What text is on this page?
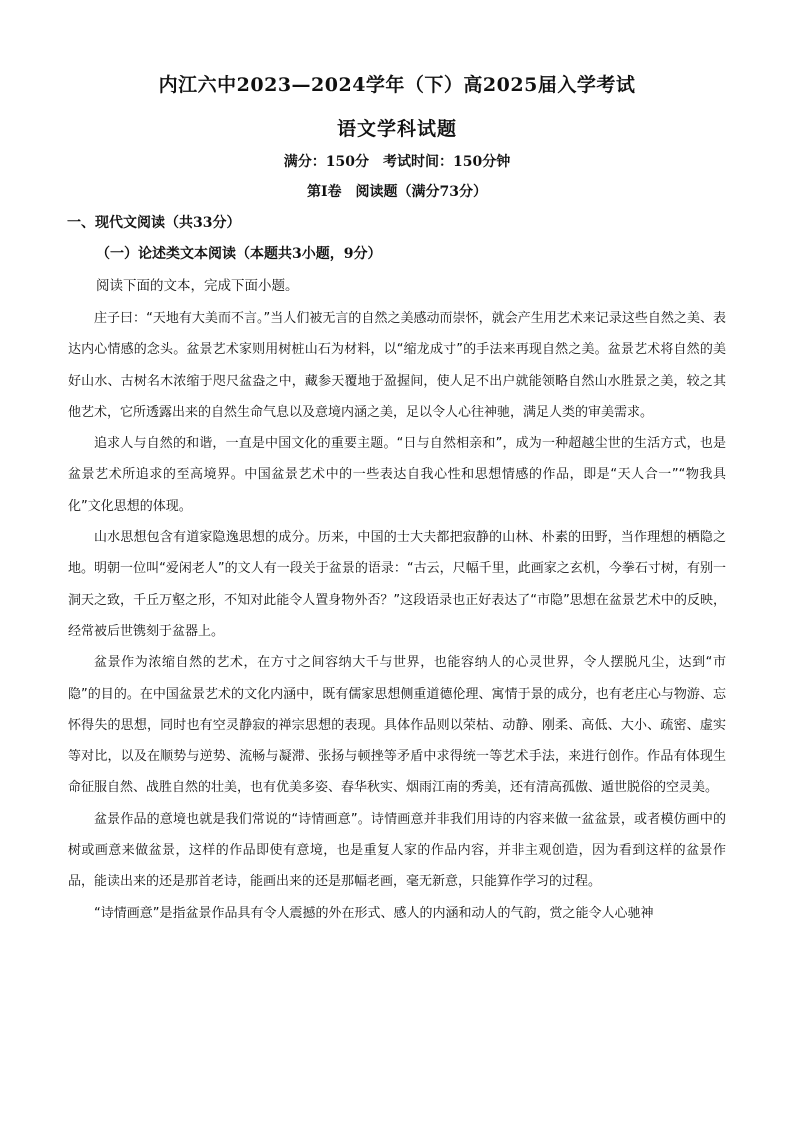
内江六中2023—2024学年（下）高2025届入学考试
语文学科试题
满分：150分　考试时间：150分钟
第Ⅰ卷　阅读题（满分73分）
一、现代文阅读（共33分）
（一）论述类文本阅读（本题共3小题，9分）
阅读下面的文本，完成下面小题。

庄子曰：“天地有大美而不言。”当人们被无言的自然之美感动而崇怀，就会产生用艺术来记录这些自然之美、表达内心情感的念头。盆景艺术家则用树桩山石为材料，以“缩龙成寸”的手法来再现自然之美。盆景艺术将自然的美好山水、古树名木浓缩于咫尺盆盎之中，藏参天覆地于盈握间，使人足不出户就能领略自然山水胜景之美，较之其他艺术，它所透露出来的自然生命气息以及意境内涵之美，足以令人心往神驰，满足人类的审美需求。

追求人与自然的和谐，一直是中国文化的重要主题。“日与自然相亲和”，成为一种超越尘世的生活方式，也是盆景艺术所追求的至高境界。中国盆景艺术中的一些表达自我心性和思想情感的作品，即是“天人合一”“物我具化”文化思想的体现。

山水思想包含有道家隐逸思想的成分。历来，中国的士大夫都把寂静的山林、朴素的田野，当作理想的栖隐之地。明朝一位叫“爱闲老人”的文人有一段关于盆景的语录：“古云，尺幅千里，此画家之玄机，今拳石寸树，有别一洞天之致，千丘万壑之形，不知对此能令人置身物外否？”这段语录也正好表达了“市隐”思想在盆景艺术中的反映，经常被后世镌刻于盆器上。

盆景作为浓缩自然的艺术，在方寸之间容纳大千与世界，也能容纳人的心灵世界，令人摆脱凡尘，达到“市隐”的目的。在中国盆景艺术的文化内涵中，既有儒家思想侧重道德伦理、寓情于景的成分，也有老庄心与物游、忘怀得失的思想，同时也有空灵静寂的禅宗思想的表现。具体作品则以荣枯、动静、刚柔、高低、大小、疏密、虚实等对比，以及在顺势与逆势、流畅与凝滞、张扬与顿挫等矛盾中求得统一等艺术手法，来进行创作。作品有体现生命征服自然、战胜自然的壮美，也有优美多姿、春华秋实、烟雨江南的秀美，还有清高孤傲、遁世脱俗的空灵美。

盆景作品的意境也就是我们常说的“诗情画意”。诗情画意并非我们用诗的内容来做一盆盆景，或者模仿画中的树或画意来做盆景，这样的作品即使有意境，也是重复人家的作品内容，并非主观创造，因为看到这样的盆景作品，能读出来的还是那首老诗，能画出来的还是那幅老画，毫无新意，只能算作学习的过程。

“诗情画意”是指盆景作品具有令人震撼的外在形式、感人的内涵和动人的气韵，赏之能令人心驰神
